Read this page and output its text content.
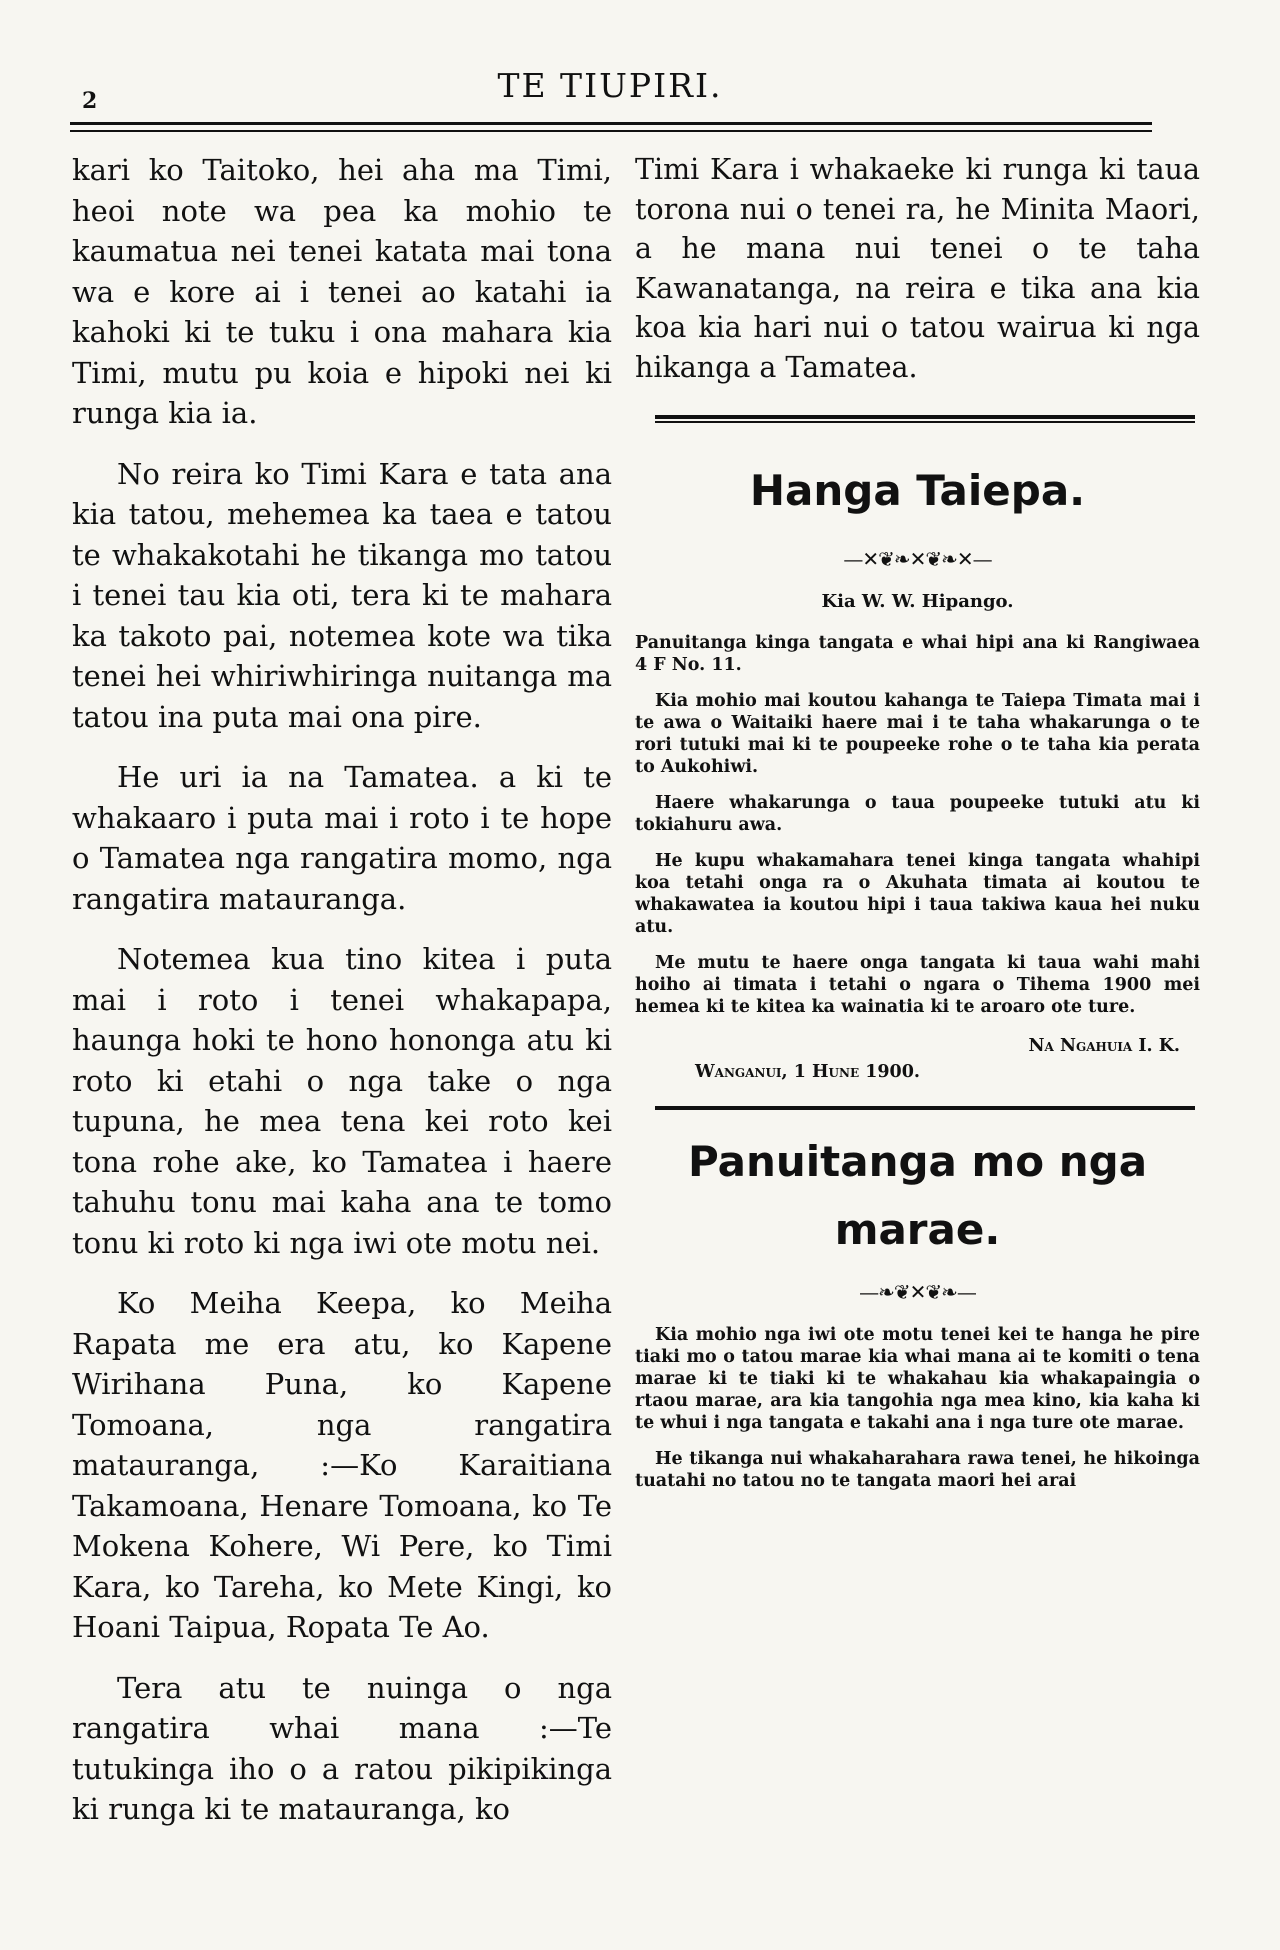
2	TE TIUPIRI.

kari ko Taitoko, hei aha ma Timi, heoi note wa pea ka mohio te kaumatua nei tenei katata mai tona wa e kore ai i tenei ao katahi ia kahoki ki te tuku i ona mahara kia Timi, mutu pu koia e hipoki nei ki runga kia ia.

No reira ko Timi Kara e tata ana kia tatou, mehemea ka taea e tatou te whakakotahi he tikanga mo tatou i tenei tau kia oti, tera ki te mahara ka takoto pai, notemea kote wa tika tenei hei whiriwhiringa nuitanga ma tatou ina puta mai ona pire.

He uri ia na Tamatea. a ki te whakaaro i puta mai i roto i te hope o Tamatea nga rangatira momo, nga rangatira matauranga.

Notemea kua tino kitea i puta mai i roto i tenei whakapapa, haunga hoki te hono hononga atu ki roto ki etahi o nga take o nga tupuna, he mea tena kei roto kei tona rohe ake, ko Tamatea i haere tahuhu tonu mai kaha ana te tomo tonu ki roto ki nga iwi ote motu nei.

Ko Meiha Keepa, ko Meiha Rapata me era atu, ko Kapene Wirihana Puna, ko Kapene Tomoana, nga rangatira matauranga, :—Ko Karaitiana Takamoana, Henare Tomoana, ko Te Mokena Kohere, Wi Pere, ko Timi Kara, ko Tareha, ko Mete Kingi, ko Hoani Taipua, Ropata Te Ao.

Tera atu te nuinga o nga rangatira whai mana :—Te tutukinga iho o a ratou pikipikinga ki runga ki te matauranga, ko

Timi Kara i whakaeke ki runga ki taua torona nui o tenei ra, he Minita Maori, a he mana nui tenei o te taha Kawanatanga, na reira e tika ana kia koa kia hari nui o tatou wairua ki nga hikanga a Tamatea.

Hanga Taiepa.
—✕❦❧✕❦❧✕—
Kia W. W. Hipango.

Panuitanga kinga tangata e whai hipi ana ki Rangiwaea 4 F No. 11.

Kia mohio mai koutou kahanga te Taiepa Timata mai i te awa o Waitaiki haere mai i te taha whakarunga o te rori tutuki mai ki te poupeeke rohe o te taha kia perata to Aukohiwi.

Haere whakarunga o taua poupeeke tutuki atu ki tokiahuru awa.

He kupu whakamahara tenei kinga tangata whahipi koa tetahi onga ra o Akuhata timata ai koutou te whakawatea ia koutou hipi i taua takiwa kaua hei nuku atu.

Me mutu te haere onga tangata ki taua wahi mahi hoiho ai timata i tetahi o ngara o Tihema 1900 mei hemea ki te kitea ka wainatia ki te aroaro ote ture.

Na Ngahuia I. K.
Wanganui, 1 Hune 1900.
Panuitanga mo nga
marae.
—❧❦✕❦❧—

Kia mohio nga iwi ote motu tenei kei te hanga he pire tiaki mo o tatou marae kia whai mana ai te komiti o tena marae ki te tiaki ki te whakahau kia whakapaingia o rtaou marae, ara kia tangohia nga mea kino, kia kaha ki te whui i nga tangata e takahi ana i nga ture ote marae.

He tikanga nui whakaharahara rawa tenei, he hikoinga tuatahi no tatou no te tangata maori hei arai
